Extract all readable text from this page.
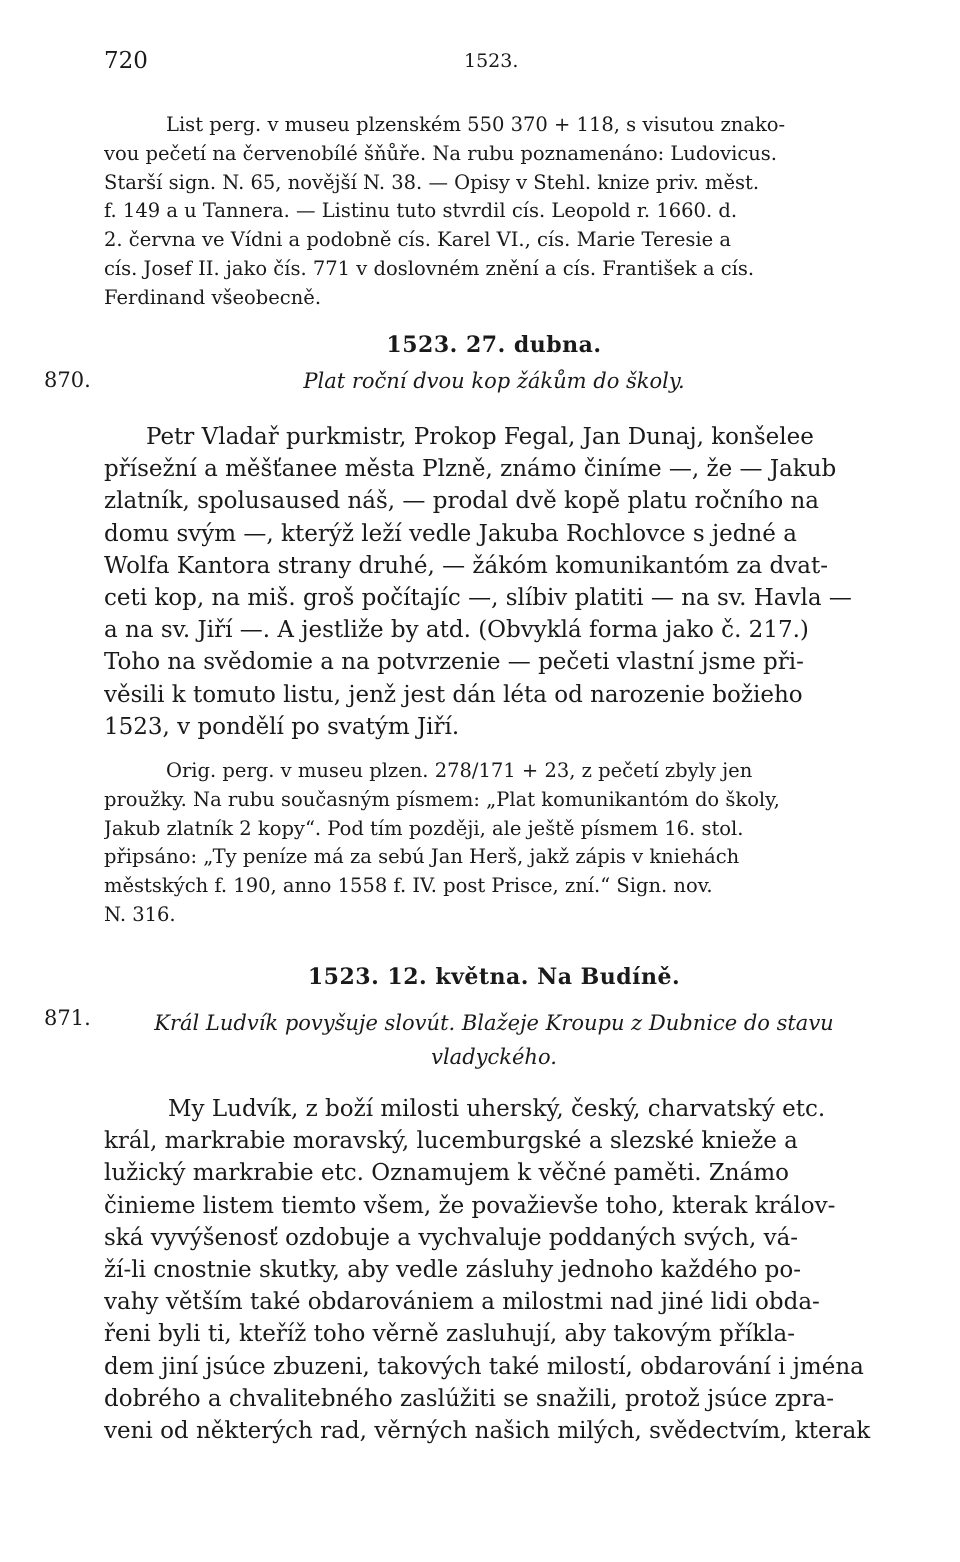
720	1523.
List perg. v museu plzenském 550 370 + 118, s visutou znako-
vou pečetí na červenobílé šňůře. Na rubu poznamenáno: Ludovicus.
Starší sign. N. 65, novější N. 38. — Opisy v Stehl. knize priv. měst.
f. 149 a u Tannera. — Listinu tuto stvrdil cís. Leopold r. 1660. d.
2. června ve Vídni a podobně cís. Karel VI., cís. Marie Teresie a
cís. Josef II. jako čís. 771 v doslovném znění a cís. František a cís.
Ferdinand všeobecně.
1523. 27. dubna.
870.	Plat roční dvou kop žákům do školy.
Petr Vladař purkmistr, Prokop Fegal, Jan Dunaj, konšelee
přísežní a měšťanee města Plzně, známo činíme —, že — Jakub
zlatník, spolusaused náš, — prodal dvě kopě platu ročního na
domu svým —, kterýž leží vedle Jakuba Rochlovce s jedné a
Wolfa Kantora strany druhé, — žákóm komunikantóm za dvat-
ceti kop, na miš. groš počítajíc —, slíbiv platiti — na sv. Havla —
a na sv. Jiří —. A jestliže by atd. (Obvyklá forma jako č. 217.)
Toho na svědomie a na potvrzenie — pečeti vlastní jsme při-
věsili k tomuto listu, jenž jest dán léta od narozenie božieho
1523, v pondělí po svatým Jiří.
Orig. perg. v museu plzen. 278/171 + 23, z pečetí zbyly jen
proužky. Na rubu současným písmem: „Plat komunikantóm do školy,
Jakub zlatník 2 kopy“. Pod tím později, ale ještě písmem 16. stol.
připsáno: „Ty peníze má za sebú Jan Herš, jakž zápis v kniehách
městských f. 190, anno 1558 f. IV. post Prisce, zní.“ Sign. nov.
N. 316.
1523. 12. května. Na Budíně.
871.	Král Ludvík povyšuje slovút. Blažeje Kroupu z Dubnice do stavu
vladyckého.
My Ludvík, z boží milosti uherský, český, charvatský etc.
král, markrabie moravský, lucemburgské a slezské knieže a
lužický markrabie etc. Oznamujem k věčné paměti. Známo
činieme listem tiemto všem, že považievše toho, kterak králov-
ská vyvýšenosť ozdobuje a vychvaluje poddaných svých, vá-
ží-li cnostnie skutky, aby vedle zásluhy jednoho každého po-
vahy větším také obdarovániem a milostmi nad jiné lidi obda-
řeni byli ti, kteříž toho věrně zasluhují, aby takovým příkla-
dem jiní jsúce zbuzeni, takových také milostí, obdarování i jména
dobrého a chvalitebného zaslúžiti se snažili, protož jsúce zpra-
veni od některých rad, věrných našich milých, svědectvím, kterak
